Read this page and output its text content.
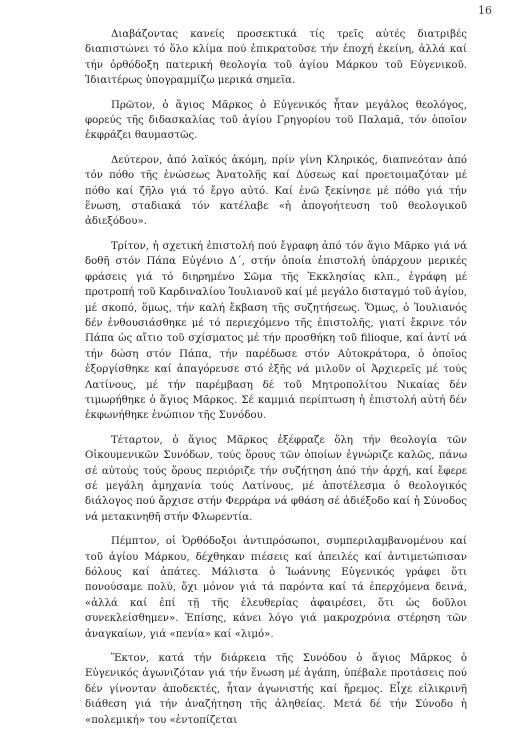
16

Διαβάζοντας κανείς προσεκτικά τίς τρεῖς αὐτές διατριβές διαπιστώνει τό ὅλο κλίμα πού ἐπικρατοῦσε τήν ἐποχή ἐκείνη, ἀλλά καί τήν ὀρθόδοξη πατερική θεολογία τοῦ ἁγίου Μάρκου τοῦ Εὐγενικοῦ. Ἰδιαιτέρως ὑπογραμμίζω μερικά σημεῖα.

Πρῶτον, ὁ ἅγιος Μᾶρκος ὁ Εὐγενικός ἦταν μεγάλος θεολόγος, φορεύς τῆς διδασκαλίας τοῦ ἁγίου Γρηγορίου τοῦ Παλαμᾶ, τόν ὁποῖον ἐκφράζει θαυμαστῶς.

Δεύτερον, ἀπό λαϊκός ἀκόμη, πρίν γίνη Κληρικός, διαπνεόταν ἀπό τόν πόθο τῆς ἑνώσεως Ἀνατολῆς καί Δύσεως καί προετοιμαζόταν μέ πόθο καί ζῆλο γιά τό ἔργο αὐτό. Καί ἐνῶ ξεκίνησε μέ πόθο γιά τήν ἕνωση, σταδιακά τόν κατέλαβε «ἡ ἀπογοήτευση τοῦ θεολογικοῦ ἀδιεξόδου».

Τρίτον, ἡ σχετική ἐπιστολή πού ἔγραφη ἀπό τόν ἅγιο Μᾶρκο γιά νά δοθῆ στόν Πάπα Εὐγένιο Δ΄, στήν ὁποία ἐπιστολή ὑπάρχουν μερικές φράσεις γιά τό διηρημένο Σῶμα τῆς Ἐκκλησίας κλπ., ἐγράφη μέ προτροπή τοῦ Καρδιναλίου Ἰουλιανοῦ καί μέ μεγάλο δισταγμό τοῦ ἁγίου, μέ σκοπό, ὅμως, τήν καλή ἔκβαση τῆς συζητήσεως. Ὅμως, ὁ Ἰουλιανός δέν ἐνθουσιάσθηκε μέ τό περιεχόμενο τῆς ἐπιστολῆς, γιατί ἔκρινε τόν Πάπα ὡς αἴτιο τοῦ σχίσματος μέ τήν προσθήκη τοῦ filioque, καί ἀντί νά τήν δώση στόν Πάπα, τήν παρέδωσε στόν Αὐτοκράτορα, ὁ ὁποῖος ἐξοργίσθηκε καί ἀπαγόρευσε στό ἑξῆς νά μιλοῦν οἱ Ἀρχιερεῖς μέ τούς Λατίνους, μέ τήν παρέμβαση δέ τοῦ Μητροπολίτου Νικαίας δέν τιμωρήθηκε ὁ ἅγιος Μᾶρκος. Σέ καμμιά περίπτωση ἡ ἐπιστολή αὐτή δέν ἐκφωνήθηκε ἐνώπιον τῆς Συνόδου.

Τέταρτον, ὁ ἅγιος Μᾶρκος ἐξέφραζε ὅλη τήν θεολογία τῶν Οἰκουμενικῶν Συνόδων, τούς ὅρους τῶν ὁποίων ἐγνώριζε καλῶς, πάνω σέ αὐτούς τούς ὅρους περιόριζε τήν συζήτηση ἀπό τήν ἀρχή, καί ἔφερε σέ μεγάλη ἀμηχανία τούς Λατίνους, μέ ἀποτέλεσμα ὁ θεολογικός διάλογος πού ἄρχισε στήν Φερράρα νά φθάση σέ ἀδιέξοδο καί ἡ Σύνοδος νά μετακινηθῆ στήν Φλωρεντία.

Πέμπτον, οἱ Ὀρθόδοξοι ἀντιπρόσωποι, συμπεριλαμβανομένου καί τοῦ ἁγίου Μάρκου, δέχθηκαν πιέσεις καί ἀπειλές καί ἀντιμετώπισαν δόλους καί ἀπάτες. Μάλιστα ὁ Ἰωάννης Εὐγενικός γράφει ὅτι πονούσαμε πολύ, ὄχι μόνον γιά τά παρόντα καί τά ἐπερχόμενα δεινά, «ἀλλά καί ἐπί τῇ τῆς ἐλευθερίας ἀφαιρέσει, ὅτι ὡς δοῦλοι συνεκλείσθημεν». Ἐπίσης, κάνει λόγο γιά μακροχρόνια στέρηση τῶν ἀναγκαίων, γιά «πενία» καί «λιμό».

Ἕκτον, κατά τήν διάρκεια τῆς Συνόδου ὁ ἅγιος Μᾶρκος ὁ Εὐγενικός ἀγωνιζόταν γιά τήν ἕνωση μέ ἀγάπη, ὑπέβαλε προτάσεις πού δέν γίνονταν ἀποδεκτές, ἦταν ἀγωνιστής καί ἤρεμος. Εἶχε εἰλικρινῆ διάθεση γιά τήν ἀναζήτηση τῆς ἀληθείας. Μετά δέ τήν Σύνοδο ἡ «πολεμική» του «ἐντοπίζεται
